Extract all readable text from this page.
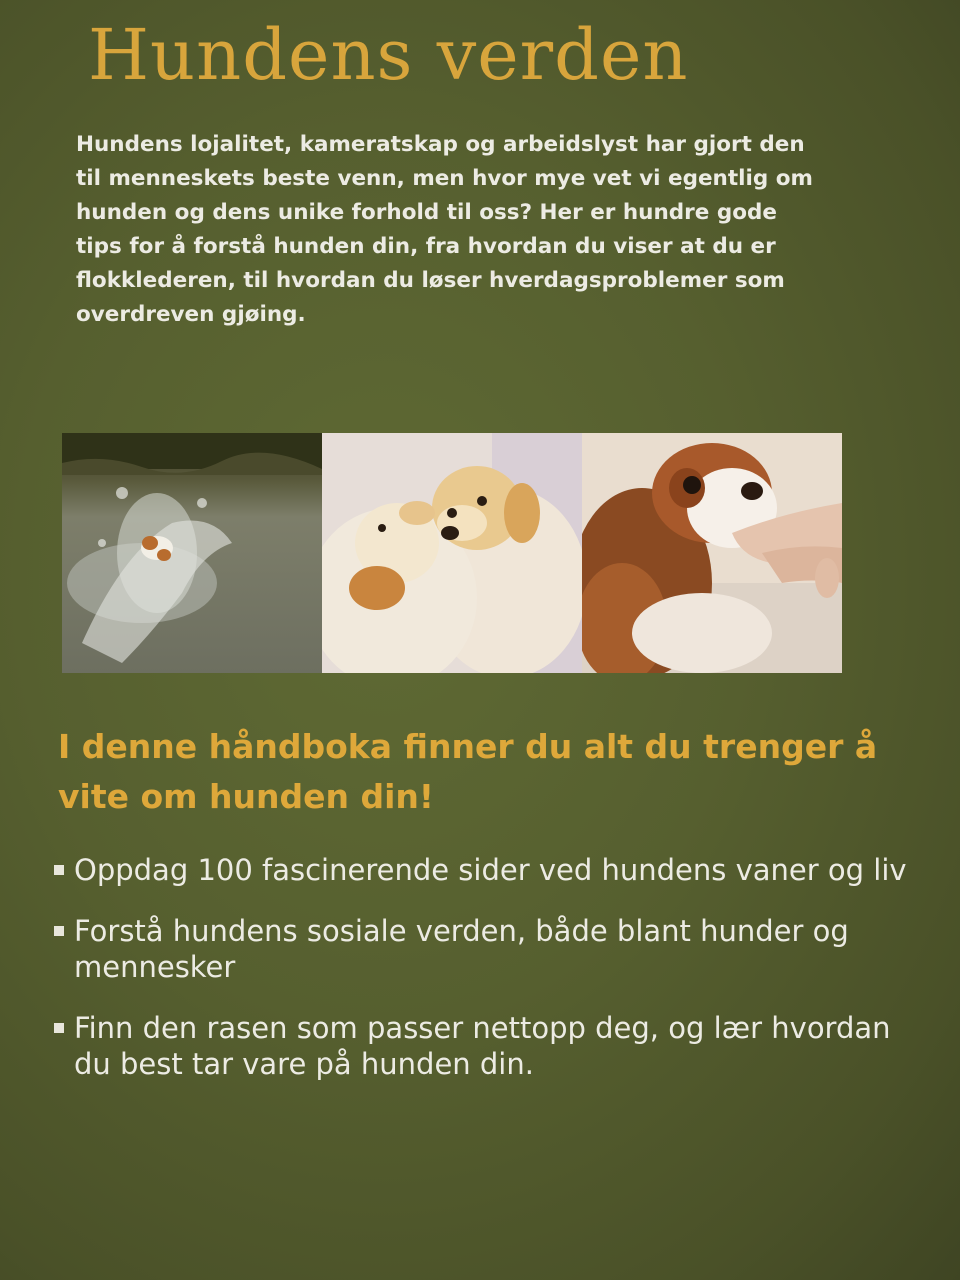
Hundens verden

Hundens lojalitet, kameratskap og arbeidslyst har gjort den til menneskets beste venn, men hvor mye vet vi egentlig om hunden og dens unike forhold til oss? Her er hundre gode tips for å forstå hunden din, fra hvordan du viser at du er flokklederen, til hvordan du løser hverdagsproblemer som overdreven gjøing.

I denne håndboka finner du alt du trenger å vite om hunden din!
Oppdag 100 fascinerende sider ved hundens vaner og liv
Forstå hundens sosiale verden, både blant hunder og mennesker
Finn den rasen som passer nettopp deg, og lær hvordan du best tar vare på hunden din.
